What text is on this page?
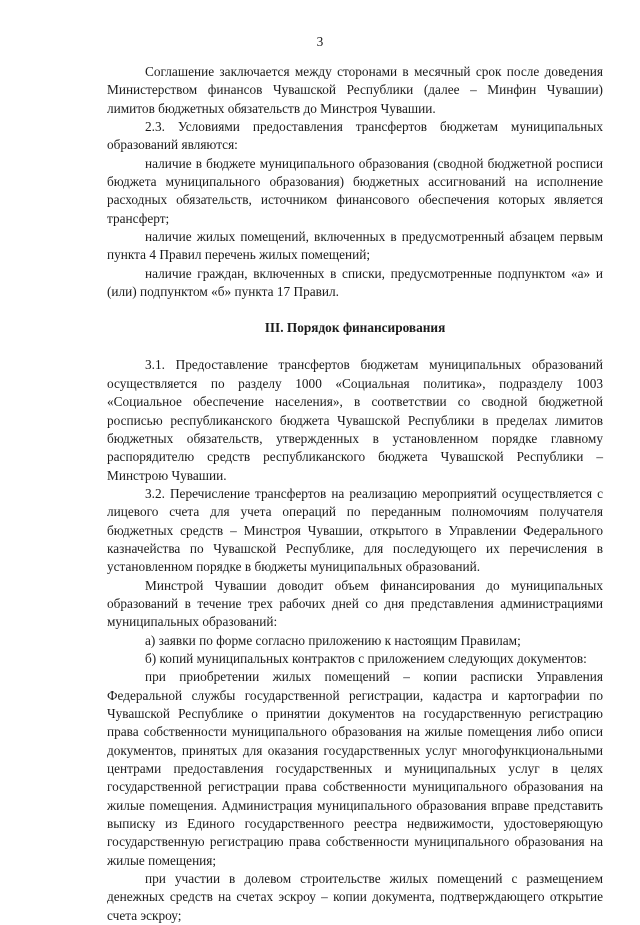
3

Соглашение заключается между сторонами в месячный срок после доведения Министерством финансов Чувашской Республики (далее – Минфин Чувашии) лимитов бюджетных обязательств до Минстроя Чувашии.

2.3. Условиями предоставления трансфертов бюджетам муниципальных образований являются:

наличие в бюджете муниципального образования (сводной бюджетной росписи бюджета муниципального образования) бюджетных ассигнований на исполнение расходных обязательств, источником финансового обеспечения которых является трансферт;

наличие жилых помещений, включенных в предусмотренный абзацем первым пункта 4 Правил перечень жилых помещений;

наличие граждан, включенных в списки, предусмотренные подпунктом «а» и (или) подпунктом «б» пункта 17 Правил.

III. Порядок финансирования

3.1. Предоставление трансфертов бюджетам муниципальных образований осуществляется по разделу 1000 «Социальная политика», подразделу 1003 «Социальное обеспечение населения», в соответствии со сводной бюджетной росписью республиканского бюджета Чувашской Республики в пределах лимитов бюджетных обязательств, утвержденных в установленном порядке главному распорядителю средств республиканского бюджета Чувашской Республики – Минстрою Чувашии.

3.2. Перечисление трансфертов на реализацию мероприятий осуществляется с лицевого счета для учета операций по переданным полномочиям получателя бюджетных средств – Минстроя Чувашии, открытого в Управлении Федерального казначейства по Чувашской Республике, для последующего их перечисления в установленном порядке в бюджеты муниципальных образований.

Минстрой Чувашии доводит объем финансирования до муниципальных образований в течение трех рабочих дней со дня представления администрациями муниципальных образований:

а) заявки по форме согласно приложению к настоящим Правилам;

б) копий муниципальных контрактов с приложением следующих документов:

при приобретении жилых помещений – копии расписки Управления Федеральной службы государственной регистрации, кадастра и картографии по Чувашской Республике о принятии документов на государственную регистрацию права собственности муниципального образования на жилые помещения либо описи документов, принятых для оказания государственных услуг многофункциональными центрами предоставления государственных и муниципальных услуг в целях государственной регистрации права собственности муниципального образования на жилые помещения. Администрация муниципального образования вправе представить выписку из Единого государственного реестра недвижимости, удостоверяющую государственную регистрацию права собственности муниципального образования на жилые помещения;

при участии в долевом строительстве жилых помещений с размещением денежных средств на счетах эскроу – копии документа, подтверждающего открытие счета эскроу;
